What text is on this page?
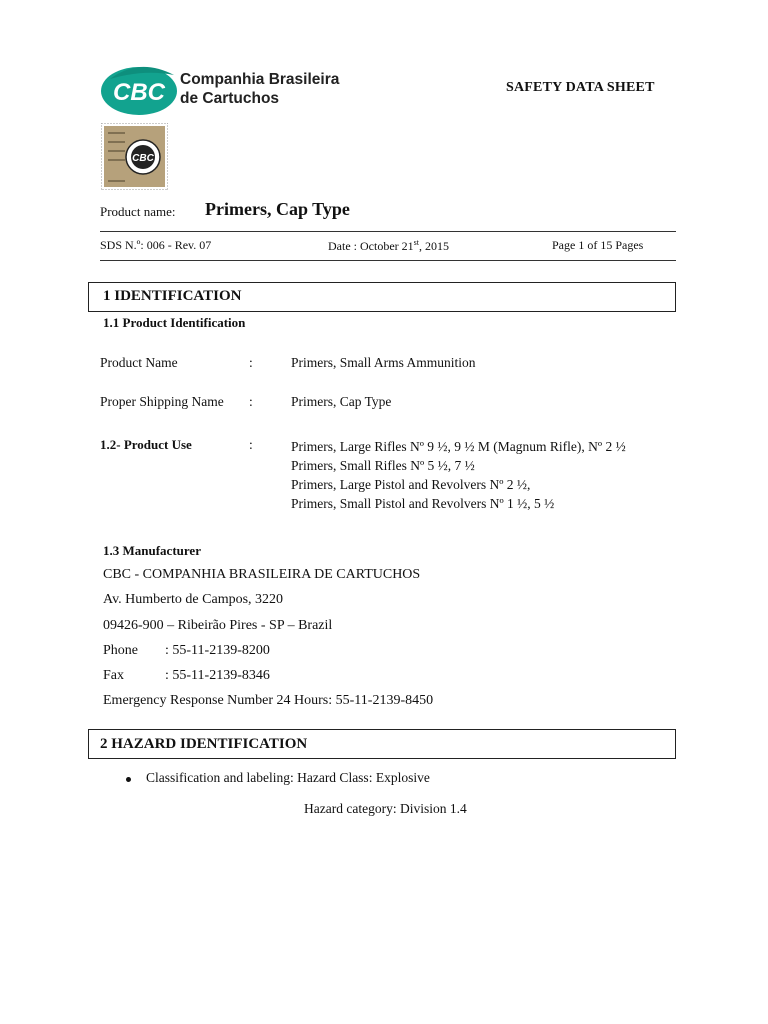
CBC Companhia Brasileira
de Cartuchos
SAFETY DATA SHEET
CBC
Product name: Primers, Cap Type
SDS N.º: 006 - Rev. 07	Date : October 21st, 2015	Page 1 of 15 Pages
1 IDENTIFICATION
1.1 Product Identification
Product Name	:	Primers, Small Arms Ammunition
Proper Shipping Name :	Primers, Cap Type
1.2- Product Use	:	Primers, Large Rifles Nº 9 ½, 9 ½ M (Magnum Rifle), Nº 2 ½
Primers, Small Rifles Nº 5 ½, 7 ½
Primers, Large Pistol and Revolvers Nº 2 ½,
Primers, Small Pistol and Revolvers Nº 1 ½, 5 ½
1.3 Manufacturer
CBC - COMPANHIA BRASILEIRA DE CARTUCHOS
Av. Humberto de Campos, 3220
09426-900 – Ribeirão Pires - SP – Brazil
Phone : 55-11-2139-8200
Fax	: 55-11-2139-8346
Emergency Response Number 24 Hours: 55-11-2139-8450
2 HAZARD IDENTIFICATION
Classification and labeling: Hazard Class: Explosive
Hazard category: Division 1.4
